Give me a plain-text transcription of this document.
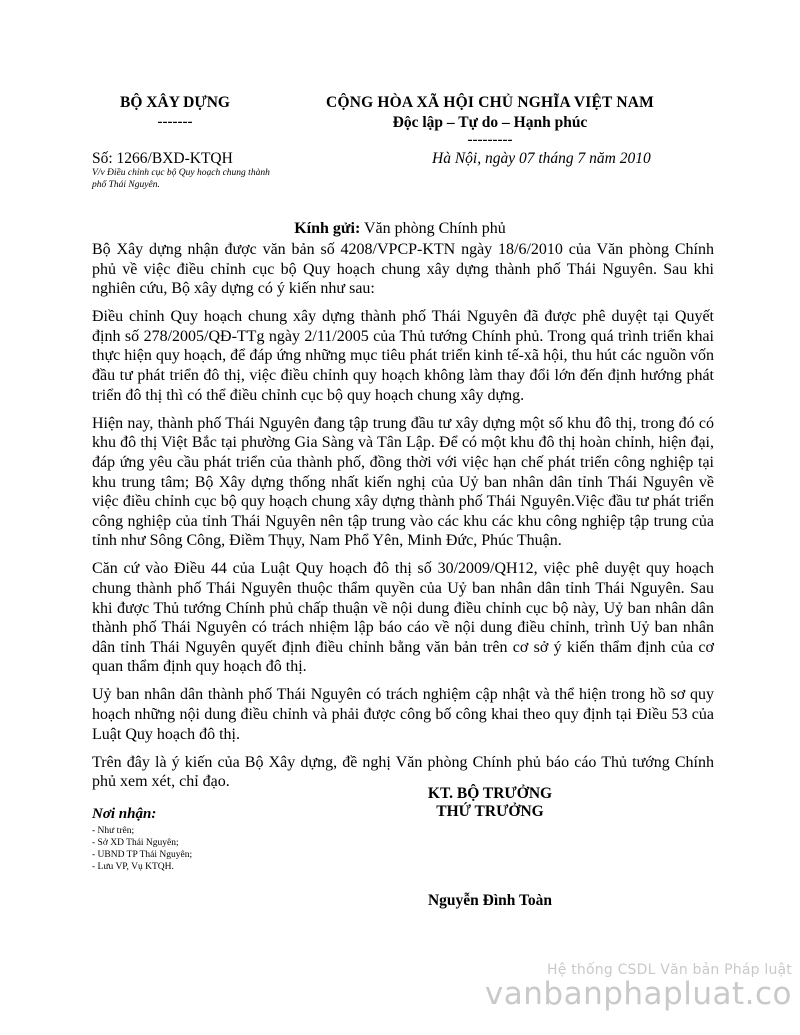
BỘ XÂY DỰNG
-------
CỘNG HÒA XÃ HỘI CHỦ NGHĨA VIỆT NAM
Độc lập – Tự do – Hạnh phúc
---------
Số: 1266/BXD-KTQH
V/v Điều chỉnh cục bộ Quy hoạch chung thành phố Thái Nguyên.
Hà Nội, ngày 07 tháng 7 năm 2010
Kính gửi: Văn phòng Chính phủ

Bộ Xây dựng nhận được văn bản số 4208/VPCP-KTN ngày 18/6/2010 của Văn phòng Chính phủ về việc điều chỉnh cục bộ Quy hoạch chung xây dựng thành phố Thái Nguyên. Sau khi nghiên cứu, Bộ xây dựng có ý kiến như sau:

Điều chỉnh Quy hoạch chung xây dựng thành phố Thái Nguyên đã được phê duyệt tại Quyết định số 278/2005/QĐ-TTg ngày 2/11/2005 của Thủ tướng Chính phủ. Trong quá trình triển khai thực hiện quy hoạch, để đáp ứng những mục tiêu phát triển kinh tế-xã hội, thu hút các nguồn vốn đầu tư phát triển đô thị, việc điều chỉnh quy hoạch không làm thay đổi lớn đến định hướng phát triển đô thị thì có thể điều chỉnh cục bộ quy hoạch chung xây dựng.

Hiện nay, thành phố Thái Nguyên đang tập trung đầu tư xây dựng một số khu đô thị, trong đó có khu đô thị Việt Bắc tại phường Gia Sàng và Tân Lập. Để có một khu đô thị hoàn chỉnh, hiện đại, đáp ứng yêu cầu phát triển của thành phố, đồng thời với việc hạn chế phát triển công nghiệp tại khu trung tâm; Bộ Xây dựng thống nhất kiến nghị của Uỷ ban nhân dân tỉnh Thái Nguyên về việc điều chỉnh cục bộ quy hoạch chung xây dựng thành phố Thái Nguyên.Việc đầu tư phát triển công nghiệp của tỉnh Thái Nguyên nên tập trung vào các khu các khu công nghiệp tập trung của tỉnh như Sông Công, Điềm Thụy, Nam Phổ Yên, Minh Đức, Phúc Thuận.

Căn cứ vào Điều 44 của Luật Quy hoạch đô thị số 30/2009/QH12, việc phê duyệt quy hoạch chung thành phố Thái Nguyên thuộc thẩm quyền của Uỷ ban nhân dân tỉnh Thái Nguyên. Sau khi được Thủ tướng Chính phủ chấp thuận về nội dung điều chỉnh cục bộ này, Uỷ ban nhân dân thành phố Thái Nguyên có trách nhiệm lập báo cáo về nội dung điều chỉnh, trình Uỷ ban nhân dân tỉnh Thái Nguyên quyết định điều chỉnh bằng văn bản trên cơ sở ý kiến thẩm định của cơ quan thẩm định quy hoạch đô thị.

Uỷ ban nhân dân thành phố Thái Nguyên có trách nghiệm cập nhật và thể hiện trong hồ sơ quy hoạch những nội dung điều chỉnh và phải được công bố công khai theo quy định tại Điều 53 của Luật Quy hoạch đô thị.

Trên đây là ý kiến của Bộ Xây dựng, đề nghị Văn phòng Chính phủ báo cáo Thủ tướng Chính phủ xem xét, chỉ đạo.

KT. BỘ TRƯỞNG
THỨ TRƯỞNG
Nguyễn Đình Toàn
Nơi nhận:
- Như trên;
- Sở XD Thái Nguyên;
- UBND TP Thái Nguyên;
- Lưu VP, Vụ KTQH.
Hệ thống CSDL Văn bản Pháp luật
vanbanphapluat.co
